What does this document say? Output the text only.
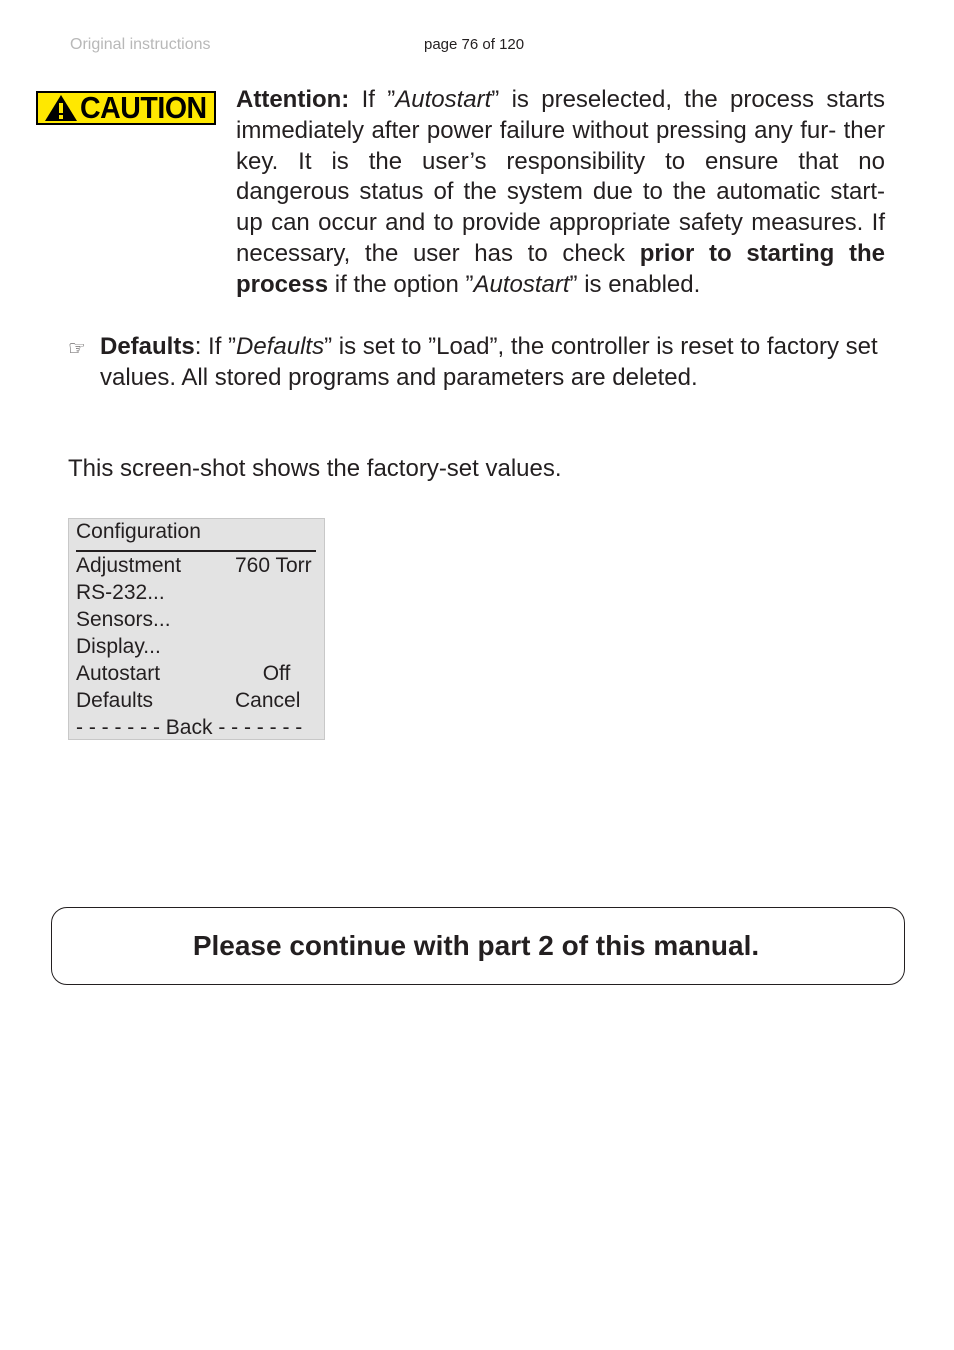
Original instructions	page 76 of 120
CAUTION Attention: If ”Autostart” is preselected, the process starts immediately after power failure without pressing any fur- ther key. It is the user’s responsibility to ensure that no dangerous status of the system due to the automatic start- up can occur and to provide appropriate safety measures. If necessary, the user has to check prior to starting the process if the option ”Autostart” is enabled.

☞ Defaults: If ”Defaults” is set to ”Load”, the controller is reset to factory set values. All stored programs and parameters are deleted.

This screen-shot shows the factory-set values.

Configuration
Adjustment	760 Torr
RS-232...
Sensors...
Display...
Autostart	Off
Defaults	Cancel
- - - - - - - Back - - - - - - -
Please continue with part 2 of this manual.
